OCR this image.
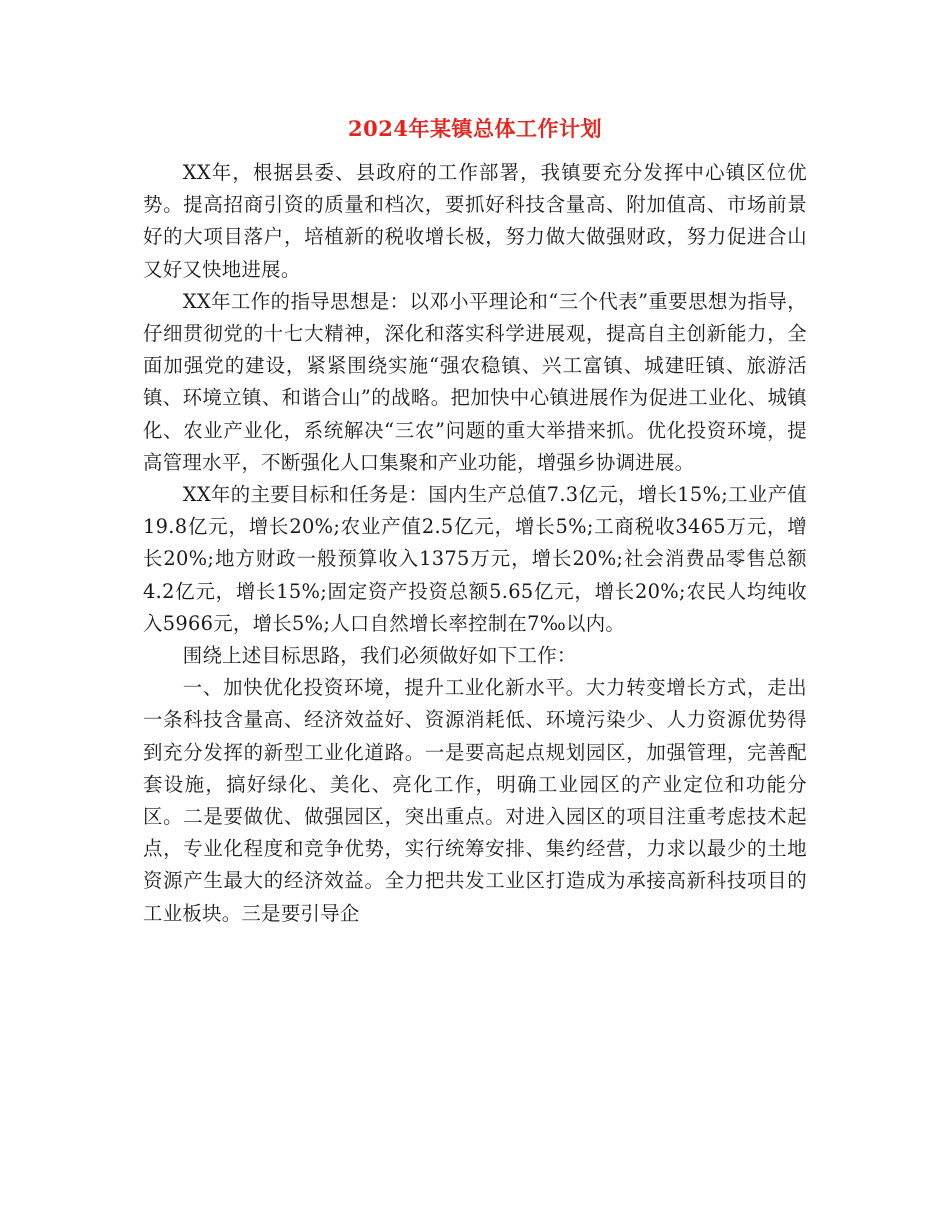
2024年某镇总体工作计划

XX年，根据县委、县政府的工作部署，我镇要充分发挥中心镇区位优势。提高招商引资的质量和档次，要抓好科技含量高、附加值高、市场前景好的大项目落户，培植新的税收增长极，努力做大做强财政，努力促进合山又好又快地进展。

XX年工作的指导思想是：以邓小平理论和“三个代表”重要思想为指导，仔细贯彻党的十七大精神，深化和落实科学进展观，提高自主创新能力，全面加强党的建设，紧紧围绕实施“强农稳镇、兴工富镇、城建旺镇、旅游活镇、环境立镇、和谐合山”的战略。把加快中心镇进展作为促进工业化、城镇化、农业产业化，系统解决“三农”问题的重大举措来抓。优化投资环境，提高管理水平，不断强化人口集聚和产业功能，增强乡协调进展。

XX年的主要目标和任务是：国内生产总值7.3亿元，增长15%;工业产值19.8亿元，增长20%;农业产值2.5亿元，增长5%;工商税收3465万元，增长20%;地方财政一般预算收入1375万元，增长20%;社会消费品零售总额4.2亿元，增长15%;固定资产投资总额5.65亿元，增长20%;农民人均纯收入5966元，增长5%;人口自然增长率控制在7‰以内。

围绕上述目标思路，我们必须做好如下工作：

一、加快优化投资环境，提升工业化新水平。大力转变增长方式，走出一条科技含量高、经济效益好、资源消耗低、环境污染少、人力资源优势得到充分发挥的新型工业化道路。一是要高起点规划园区，加强管理，完善配套设施，搞好绿化、美化、亮化工作，明确工业园区的产业定位和功能分区。二是要做优、做强园区，突出重点。对进入园区的项目注重考虑技术起点，专业化程度和竞争优势，实行统筹安排、集约经营，力求以最少的土地资源产生最大的经济效益。全力把共发工业区打造成为承接高新科技项目的工业板块。三是要引导企
